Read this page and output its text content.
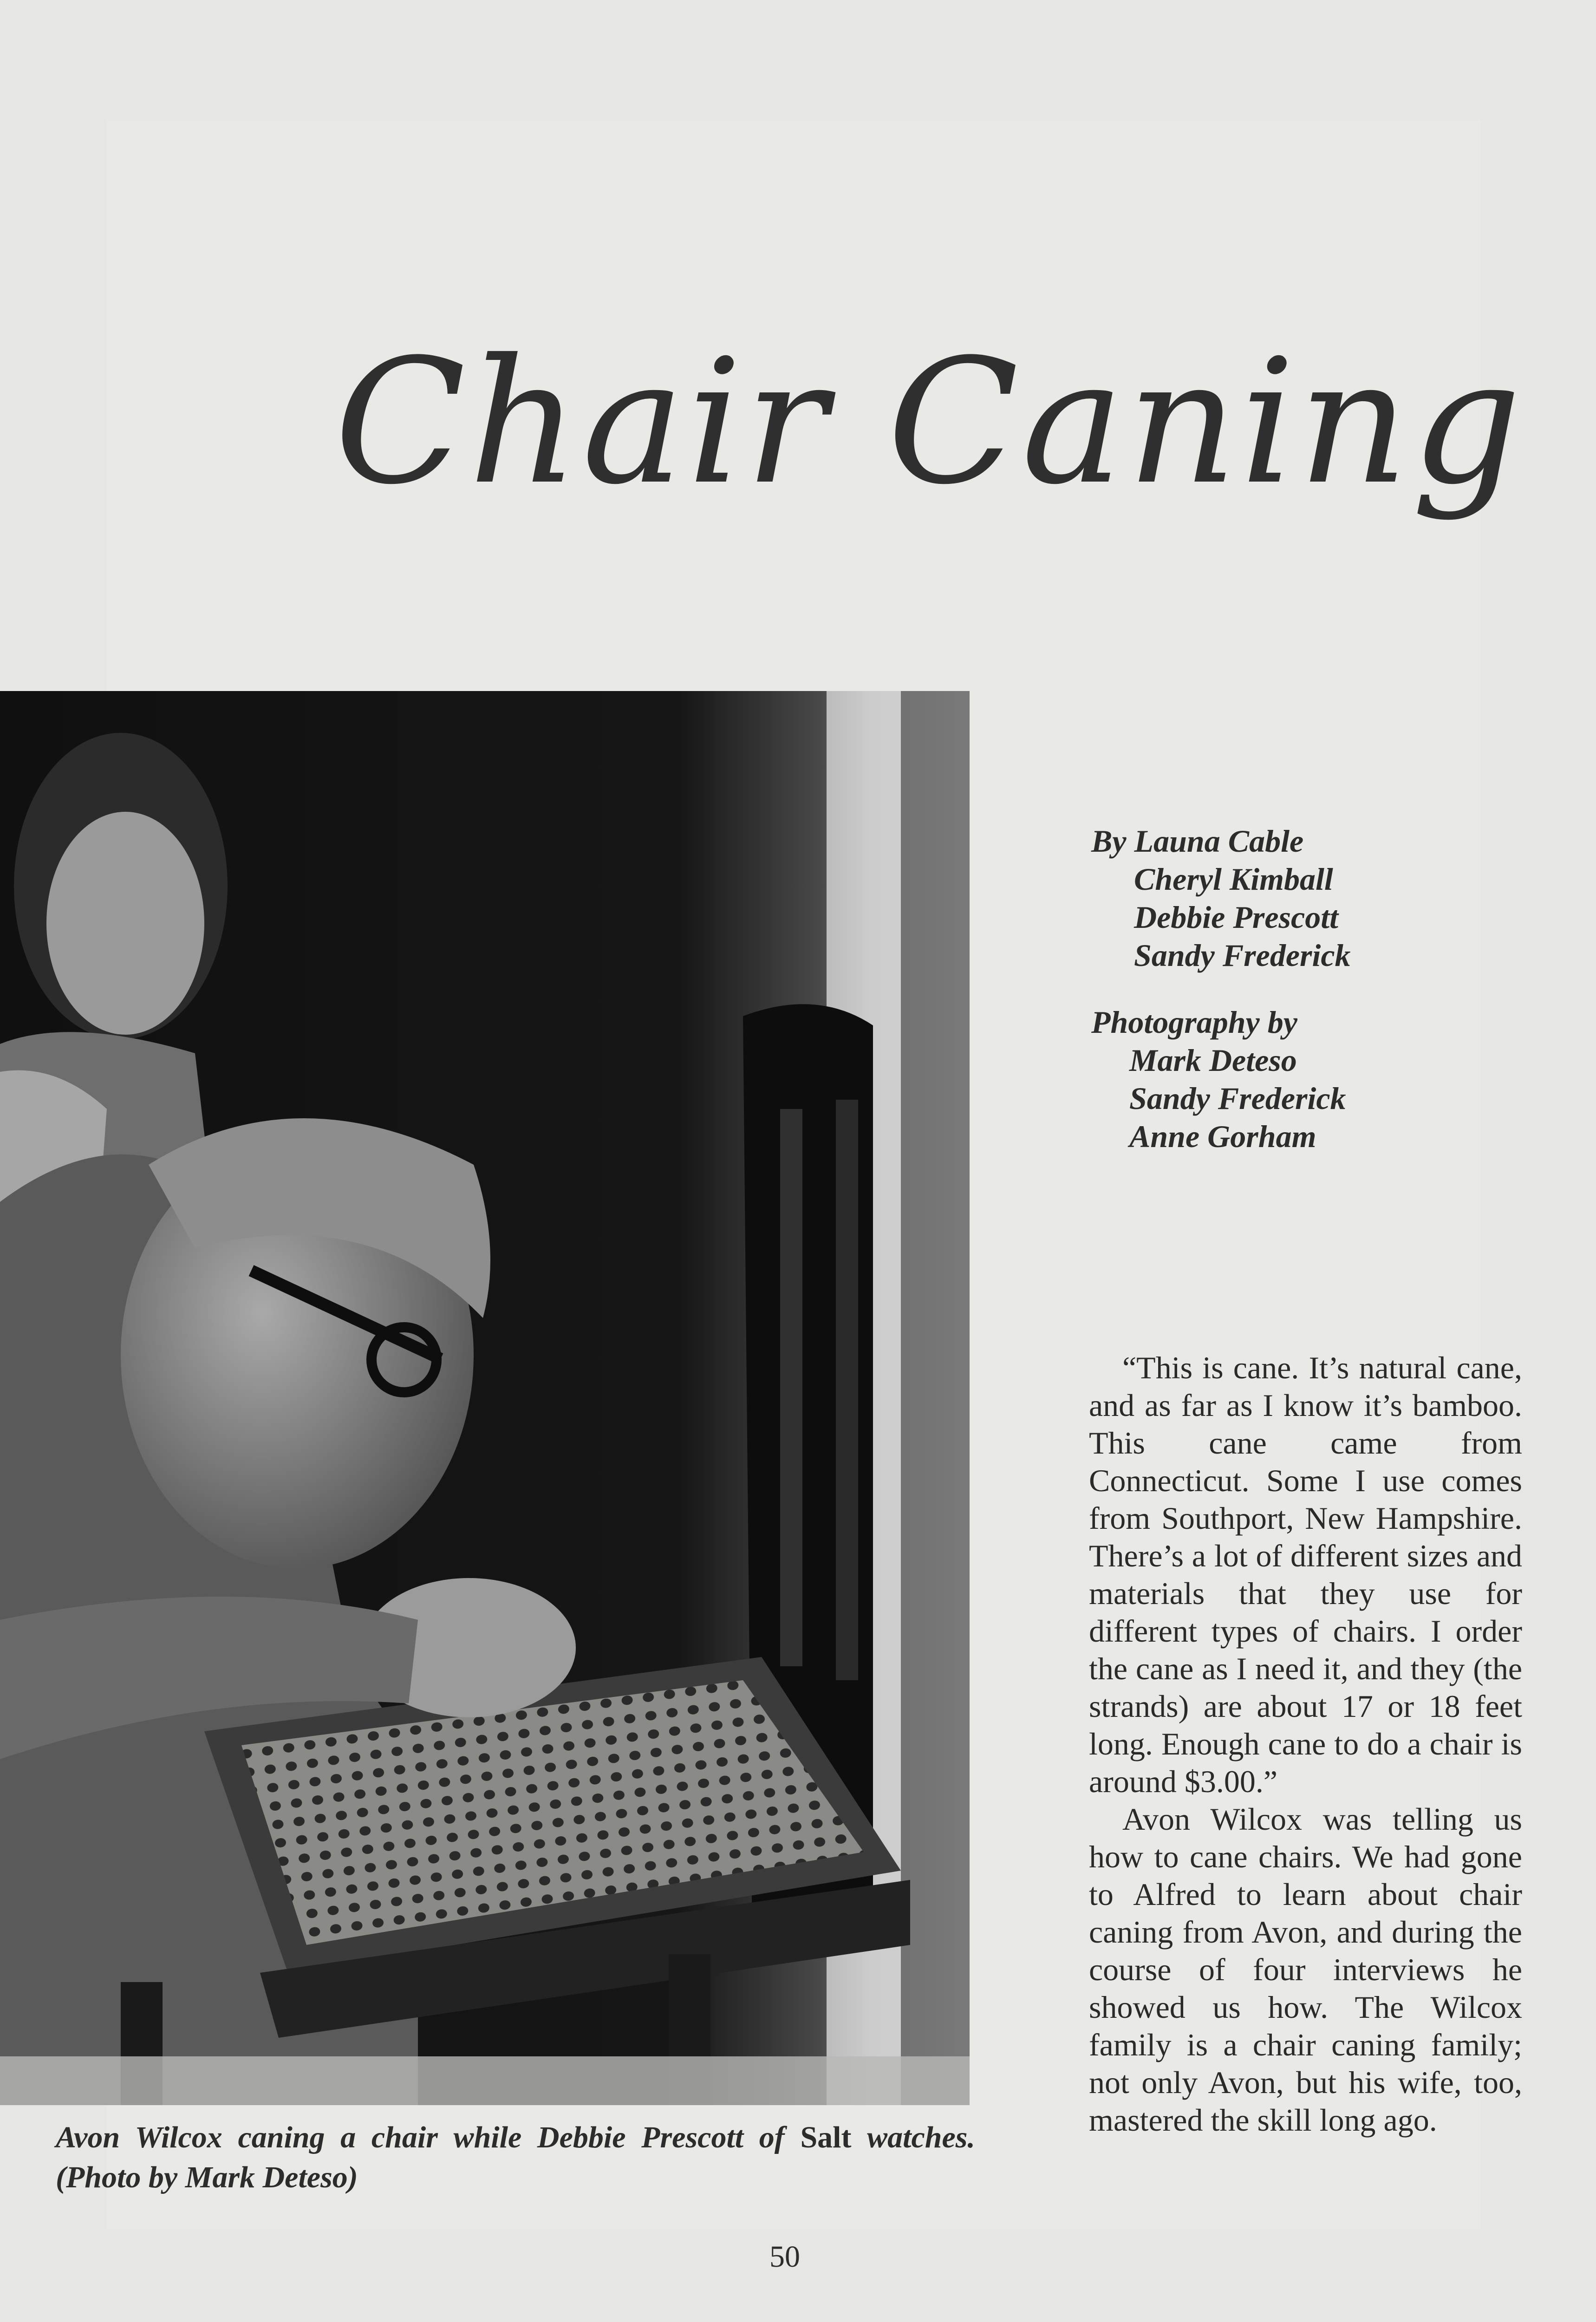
Chair Caning
Avon Wilcox caning a chair while Debbie Prescott of Salt watches. (Photo by Mark Deteso)
By Launa Cable
Cheryl Kimball
Debbie Prescott
Sandy Frederick
Photography by
Mark Deteso
Sandy Frederick
Anne Gorham

“This is cane. It’s natural cane, and as far as I know it’s bamboo. This cane came from Connecticut. Some I use comes from Southport, New Hampshire. There’s a lot of different sizes and materials that they use for different types of chairs. I order the cane as I need it, and they (the strands) are about 17 or 18 feet long. Enough cane to do a chair is around $3.00.”

Avon Wilcox was telling us how to cane chairs. We had gone to Alfred to learn about chair caning from Avon, and during the course of four interviews he showed us how. The Wilcox family is a chair caning family; not only Avon, but his wife, too, mastered the skill long ago.

50
